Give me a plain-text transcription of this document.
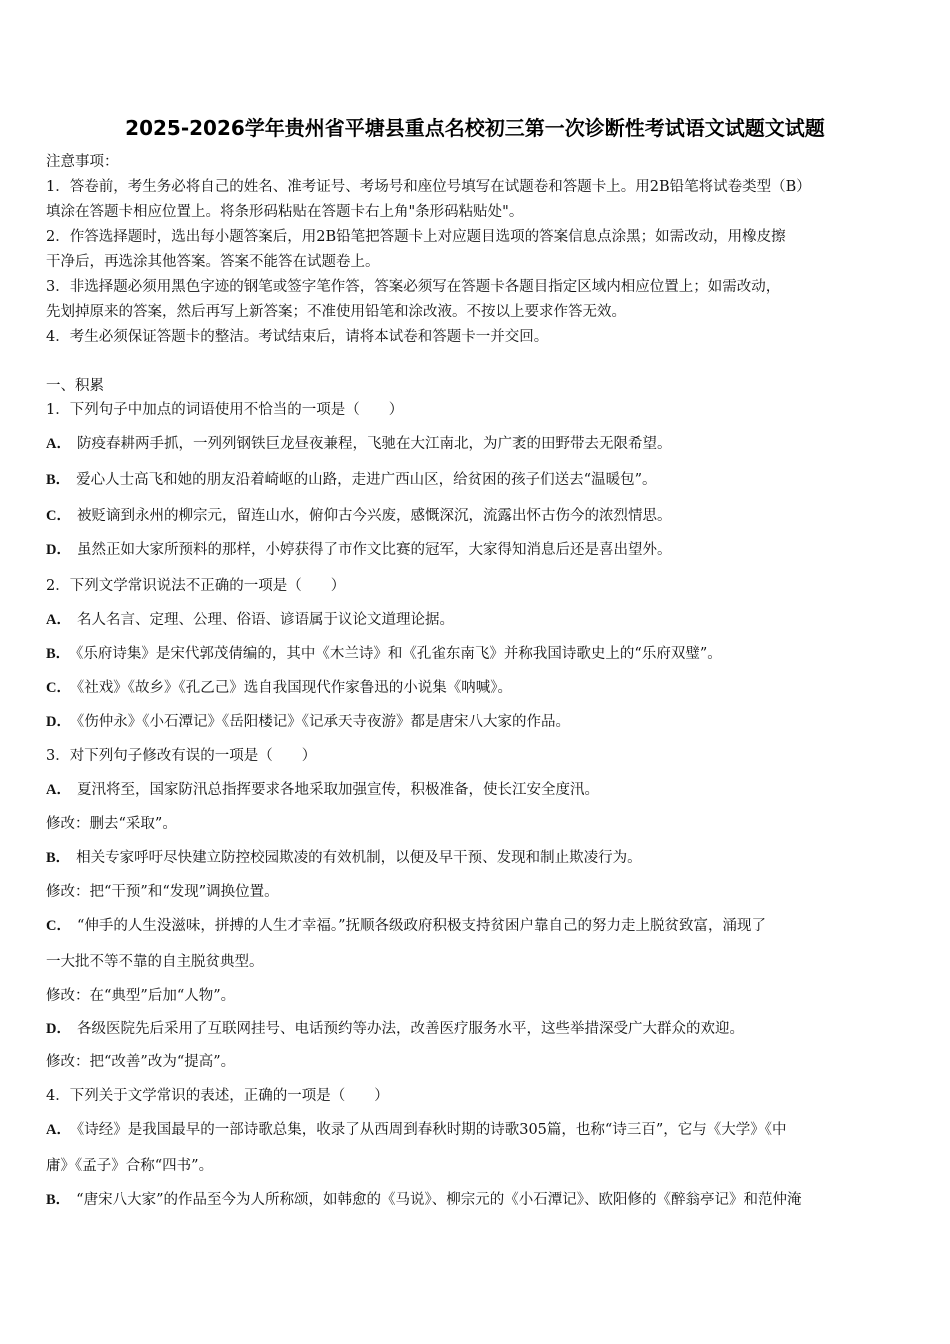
2025-2026学年贵州省平塘县重点名校初三第一次诊断性考试语文试题文试题
注意事项：
1．答卷前，考生务必将自己的姓名、准考证号、考场号和座位号填写在试题卷和答题卡上。用2B铅笔将试卷类型（B）
填涂在答题卡相应位置上。将条形码粘贴在答题卡右上角"条形码粘贴处"。
2．作答选择题时，选出每小题答案后，用2B铅笔把答题卡上对应题目选项的答案信息点涂黑；如需改动，用橡皮擦
干净后，再选涂其他答案。答案不能答在试题卷上。
3．非选择题必须用黑色字迹的钢笔或签字笔作答，答案必须写在答题卡各题目指定区域内相应位置上；如需改动，
先划掉原来的答案，然后再写上新答案；不准使用铅笔和涂改液。不按以上要求作答无效。
4．考生必须保证答题卡的整洁。考试结束后，请将本试卷和答题卡一并交回。
一、积累
1．下列句子中加点的词语使用不恰当的一项是（　　）
A． 防疫春耕两手抓，一列列钢铁巨龙昼夜兼程，飞驰在大江南北，为广袤的田野带去无限希望。
B． 爱心人士高飞和她的朋友沿着崎岖的山路，走进广西山区，给贫困的孩子们送去“温暖包”。
C． 被贬谪到永州的柳宗元，留连山水，俯仰古今兴废，感慨深沉，流露出怀古伤今的浓烈情思。
D． 虽然正如大家所预料的那样，小婷获得了市作文比赛的冠军，大家得知消息后还是喜出望外。
2．下列文学常识说法不正确的一项是（　　）
A． 名人名言、定理、公理、俗语、谚语属于议论文道理论据。
B． 《乐府诗集》是宋代郭茂倩编的，其中《木兰诗》和《孔雀东南飞》并称我国诗歌史上的“乐府双璧”。
C． 《社戏》《故乡》《孔乙己》选自我国现代作家鲁迅的小说集《呐喊》。
D． 《伤仲永》《小石潭记》《岳阳楼记》《记承天寺夜游》都是唐宋八大家的作品。
3．对下列句子修改有误的一项是（　　）
A． 夏汛将至，国家防汛总指挥要求各地采取加强宣传，积极准备，使长江安全度汛。
修改：删去“采取”。
B． 相关专家呼吁尽快建立防控校园欺凌的有效机制，以便及早干预、发现和制止欺凌行为。
修改：把“干预”和“发现”调换位置。
C． “伸手的人生没滋味，拼搏的人生才幸福。”抚顺各级政府积极支持贫困户靠自己的努力走上脱贫致富，涌现了
一大批不等不靠的自主脱贫典型。
修改：在“典型”后加“人物”。
D． 各级医院先后采用了互联网挂号、电话预约等办法，改善医疗服务水平，这些举措深受广大群众的欢迎。
修改：把“改善”改为“提高”。
4．下列关于文学常识的表述，正确的一项是（　　）
A． 《诗经》是我国最早的一部诗歌总集，收录了从西周到春秋时期的诗歌305篇，也称“诗三百”，它与《大学》《中
庸》《孟子》合称“四书”。
B． “唐宋八大家”的作品至今为人所称颂，如韩愈的《马说》、柳宗元的《小石潭记》、欧阳修的《醉翁亭记》和范仲淹
